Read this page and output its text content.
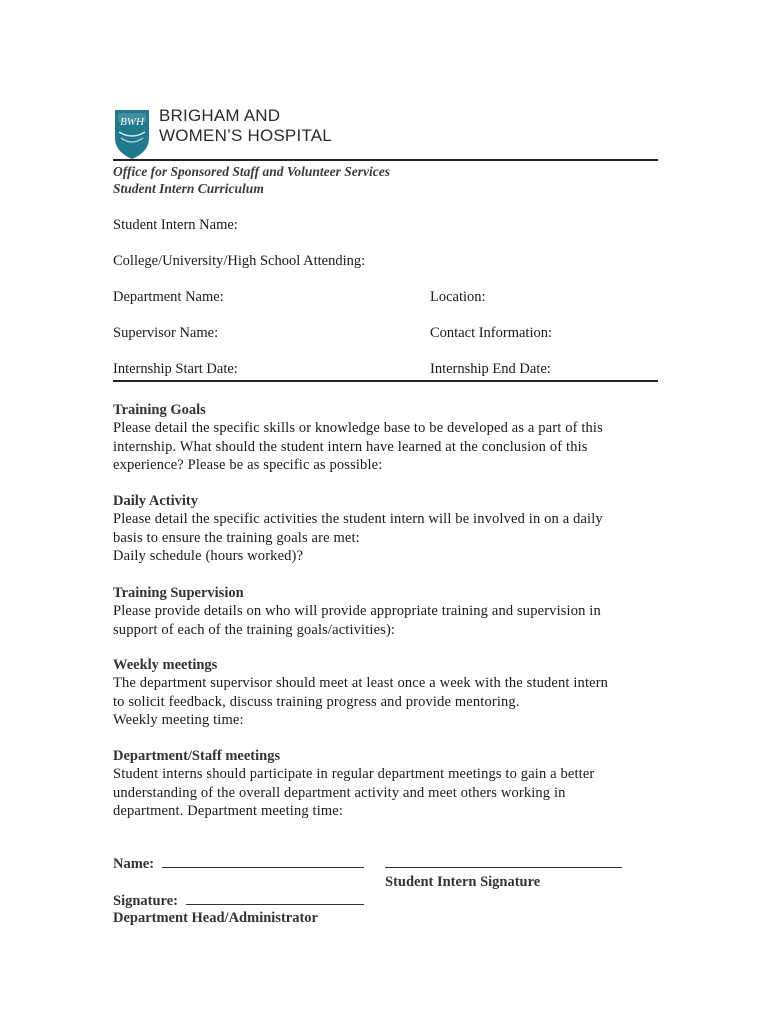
BWH BRIGHAM AND
WOMEN’S HOSPITAL
Office for Sponsored Staff and Volunteer Services
Student Intern Curriculum
Student Intern Name:
College/University/High School Attending:
Department Name:	Location:
Supervisor Name:	Contact Information:
Internship Start Date:	Internship End Date:
Training Goals

Please detail the specific skills or knowledge base to be developed as a part of this

internship. What should the student intern have learned at the conclusion of this

experience? Please be as specific as possible:

Daily Activity

Please detail the specific activities the student intern will be involved in on a daily

basis to ensure the training goals are met:

Daily schedule (hours worked)?

Training Supervision

Please provide details on who will provide appropriate training and supervision in

support of each of the training goals/activities):

Weekly meetings

The department supervisor should meet at least once a week with the student intern

to solicit feedback, discuss training progress and provide mentoring.

Weekly meeting time:

Department/Staff meetings

Student interns should participate in regular department meetings to gain a better

understanding of the overall department activity and meet others working in

department. Department meeting time:

Name:
Student Intern Signature
Signature:
Department Head/Administrator
